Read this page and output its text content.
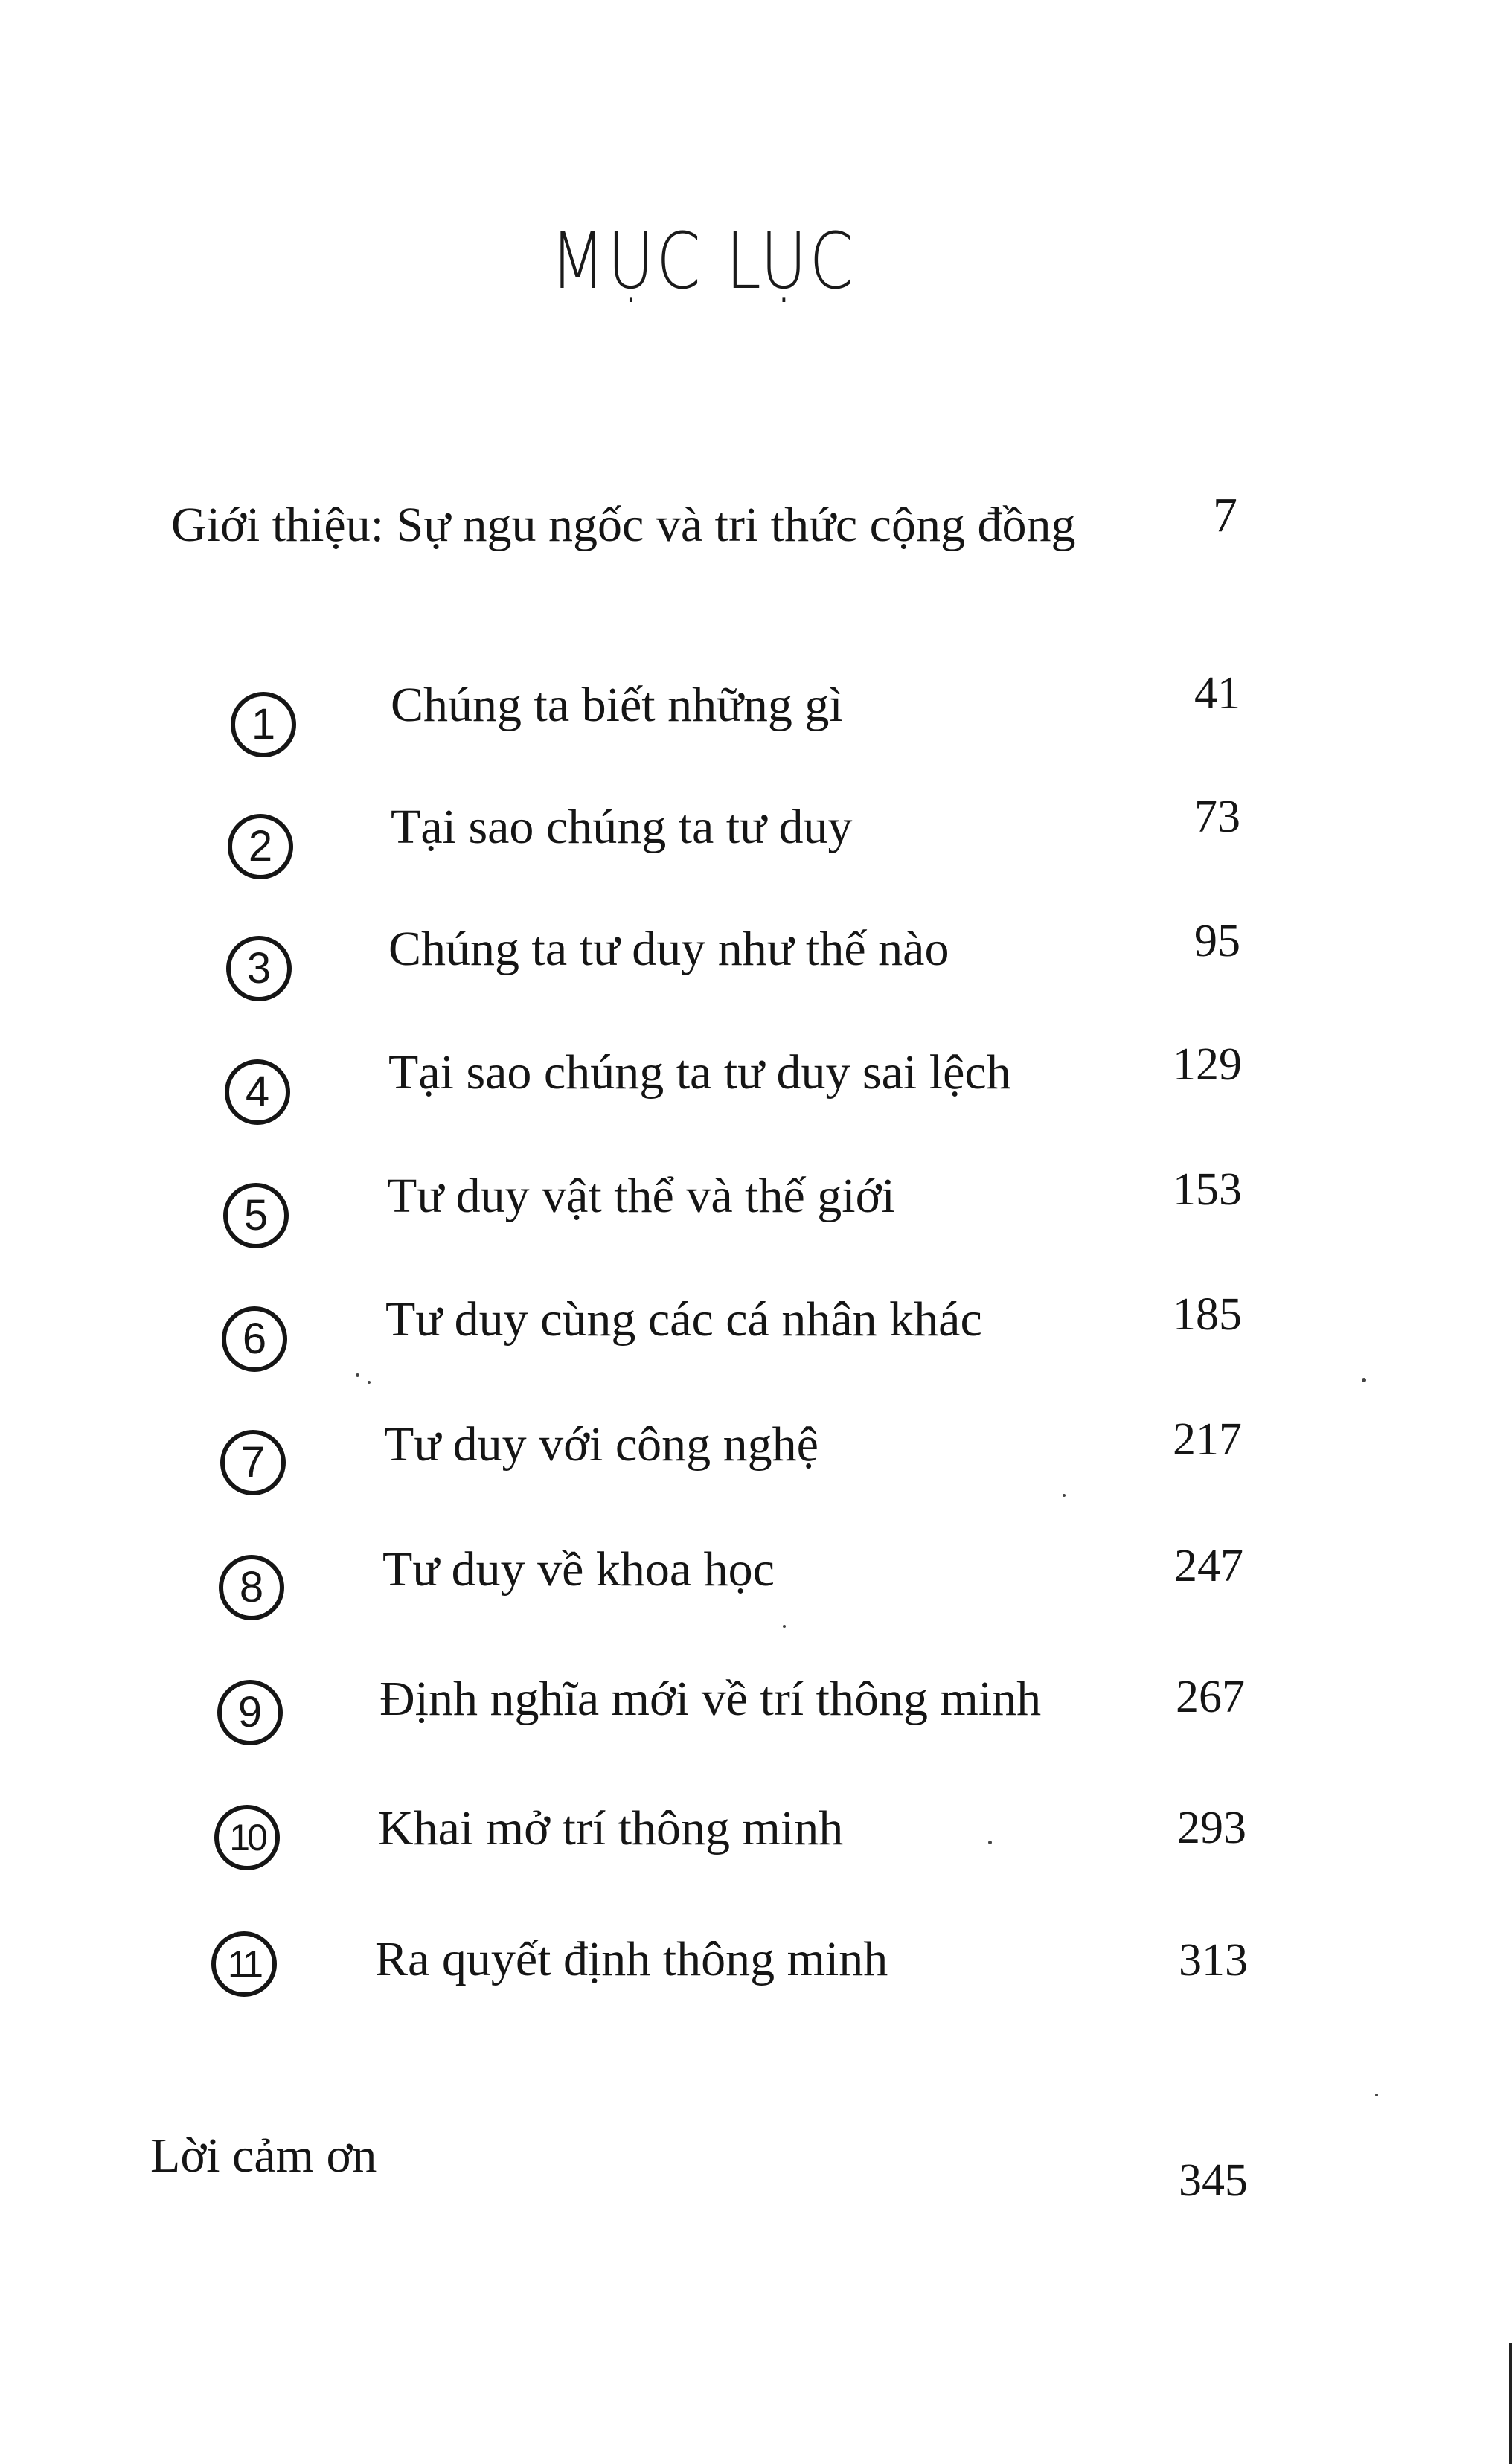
MỤC LỤC
Giới thiệu: Sự ngu ngốc và tri thức cộng đồng	7
1	Chúng ta biết những gì	41
2	Tại sao chúng ta tư duy	73
3	Chúng ta tư duy như thế nào	95
4	Tại sao chúng ta tư duy sai lệch	129
5	Tư duy vật thể và thế giới	153
6	Tư duy cùng các cá nhân khác	185
7	Tư duy với công nghệ	217
8	Tư duy về khoa học	247
9	Định nghĩa mới về trí thông minh	267
10	Khai mở trí thông minh	293
11	Ra quyết định thông minh	313
Lời cảm ơn	345
